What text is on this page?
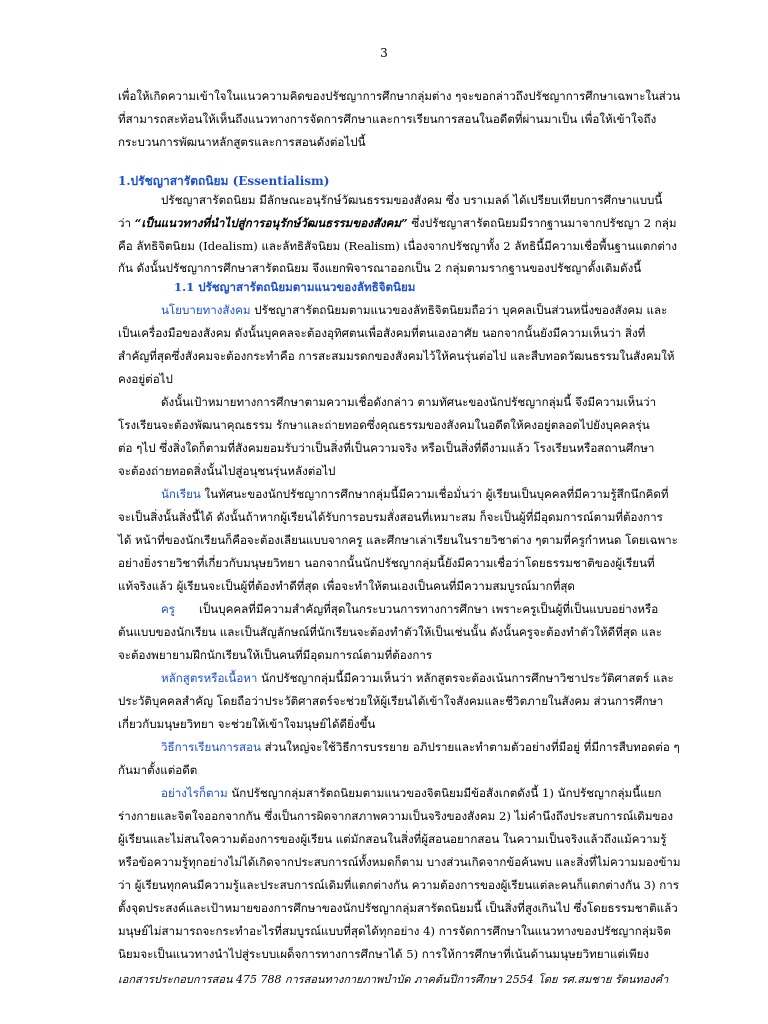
3
เพื่อให้เกิดความเข้าใจในแนวความคิดของปรัชญาการศึกษากลุ่มต่าง ๆจะขอกล่าวถึงปรัชญาการศึกษาเฉพาะในส่วน
ที่สามารถสะท้อนให้เห็นถึงแนวทางการจัดการศึกษาและการเรียนการสอนในอดีตที่ผ่านมาเป็น เพื่อให้เข้าใจถึง
กระบวนการพัฒนาหลักสูตรและการสอนดังต่อไปนี้
1.ปรัชญาสารัตถนิยม (Essentialism)
ปรัชญาสารัตถนิยม มีลักษณะอนุรักษ์วัฒนธรรมของสังคม ซึ่ง บราเมลด์ ได้เปรียบเทียบการศึกษาแบบนี้
ว่า “เป็นแนวทางที่นำไปสู่การอนุรักษ์วัฒนธรรมของสังคม” ซึ่งปรัชญาสารัตถนิยมมีรากฐานมาจากปรัชญา 2 กลุ่ม
คือ ลัทธิจิตนิยม (Idealism) และลัทธิสัจนิยม (Realism) เนื่องจากปรัชญาทั้ง 2 ลัทธินี้มีความเชื่อพื้นฐานแตกต่าง
กัน ดังนั้นปรัชญาการศึกษาสารัตถนิยม จึงแยกพิจารณาออกเป็น 2 กลุ่มตามรากฐานของปรัชญาดั้งเดิมดังนี้
1.1 ปรัชญาสารัตถนิยมตามแนวของลัทธิจิตนิยม
นโยบายทางสังคม ปรัชญาสารัตถนิยมตามแนวของลัทธิจิตนิยมถือว่า บุคคลเป็นส่วนหนึ่งของสังคม และ
เป็นเครื่องมือของสังคม ดังนั้นบุคคลจะต้องอุทิศตนเพื่อสังคมที่ตนเองอาศัย นอกจากนั้นยังมีความเห็นว่า สิ่งที่
สำคัญที่สุดซึ่งสังคมจะต้องกระทำคือ การสะสมมรดกของสังคมไว้ให้คนรุ่นต่อไป และสืบทอดวัฒนธรรมในสังคมให้
คงอยู่ต่อไป
ดังนั้นเป้าหมายทางการศึกษาตามความเชื่อดังกล่าว ตามทัศนะของนักปรัชญากลุ่มนี้ จึงมีความเห็นว่า
โรงเรียนจะต้องพัฒนาคุณธรรม รักษาและถ่ายทอดซึ่งคุณธรรมของสังคมในอดีตให้คงอยู่ตลอดไปยังบุคคลรุ่น
ต่อ ๆไป ซึ่งสิ่งใดก็ตามที่สังคมยอมรับว่าเป็นสิ่งที่เป็นความจริง หรือเป็นสิ่งที่ดีงามแล้ว โรงเรียนหรือสถานศึกษา
จะต้องถ่ายทอดสิ่งนั้นไปสู่อนุชนรุ่นหลังต่อไป
นักเรียน ในทัศนะของนักปรัชญาการศึกษากลุ่มนี้มีความเชื่อมั่นว่า ผู้เรียนเป็นบุคคลที่มีความรู้สึกนึกคิดที่
จะเป็นสิ่งนั้นสิ่งนี้ได้ ดังนั้นถ้าหากผู้เรียนได้รับการอบรมสั่งสอนที่เหมาะสม ก็จะเป็นผู้ที่มีอุดมการณ์ตามที่ต้องการ
ได้ หน้าที่ของนักเรียนก็คือจะต้องเลียนแบบจากครู และศึกษาเล่าเรียนในรายวิชาต่าง ๆตามที่ครูกำหนด โดยเฉพาะ
อย่างยิ่งรายวิชาที่เกี่ยวกับมนุษยวิทยา นอกจากนั้นนักปรัชญากลุ่มนี้ยังมีความเชื่อว่าโดยธรรมชาติของผู้เรียนที่
แท้จริงแล้ว ผู้เรียนจะเป็นผู้ที่ต้องทำดีที่สุด เพื่อจะทำให้ตนเองเป็นคนที่มีความสมบูรณ์มากที่สุด
ครู เป็นบุคคลที่มีความสำคัญที่สุดในกระบวนการทางการศึกษา เพราะครูเป็นผู้ที่เป็นแบบอย่างหรือ
ต้นแบบของนักเรียน และเป็นสัญลักษณ์ที่นักเรียนจะต้องทำตัวให้เป็นเช่นนั้น ดังนั้นครูจะต้องทำตัวให้ดีที่สุด และ
จะต้องพยายามฝึกนักเรียนให้เป็นคนที่มีอุดมการณ์ตามที่ต้องการ
หลักสูตรหรือเนื้อหา นักปรัชญากลุ่มนี้มีความเห็นว่า หลักสูตรจะต้องเน้นการศึกษาวิชาประวัติศาสตร์ และ
ประวัติบุคคลสำคัญ โดยถือว่าประวัติศาสตร์จะช่วยให้ผู้เรียนได้เข้าใจสังคมและชีวิตภายในสังคม ส่วนการศึกษา
เกี่ยวกับมนุษยวิทยา จะช่วยให้เข้าใจมนุษย์ได้ดียิ่งขึ้น
วิธีการเรียนการสอน ส่วนใหญ่จะใช้วิธีการบรรยาย อภิปรายและทำตามตัวอย่างที่มีอยู่ ที่มีการสืบทอดต่อ ๆ
กันมาตั้งแต่อดีต
อย่างไรก็ตาม นักปรัชญากลุ่มสารัตถนิยมตามแนวของจิตนิยมมีข้อสังเกตดังนี้ 1) นักปรัชญากลุ่มนี้แยก
ร่างกายและจิตใจออกจากกัน ซึ่งเป็นการผิดจากสภาพความเป็นจริงของสังคม 2) ไม่คำนึงถึงประสบการณ์เดิมของ
ผู้เรียนและไม่สนใจความต้องการของผู้เรียน แต่มักสอนในสิ่งที่ผู้สอนอยากสอน ในความเป็นจริงแล้วถึงแม้ความรู้
หรือข้อความรู้ทุกอย่างไม่ได้เกิดจากประสบการณ์ทั้งหมดก็ตาม บางส่วนเกิดจากข้อค้นพบ และสิ่งที่ไม่ความมองข้าม
ว่า ผู้เรียนทุกคนมีความรู้และประสบการณ์เดิมที่แตกต่างกัน ความต้องการของผู้เรียนแต่ละคนก็แตกต่างกัน 3) การ
ตั้งจุดประสงค์และเป้าหมายของการศึกษาของนักปรัชญากลุ่มสารัตถนิยมนี้ เป็นสิ่งที่สูงเกินไป ซึ่งโดยธรรมชาติแล้ว
มนุษย์ไม่สามารถจะกระทำอะไรที่สมบูรณ์แบบที่สุดได้ทุกอย่าง 4) การจัดการศึกษาในแนวทางของปรัชญากลุ่มจิต
นิยมจะเป็นแนวทางนำไปสู่ระบบเผด็จการทางการศึกษาได้ 5) การให้การศึกษาที่เน้นด้านมนุษยวิทยาแต่เพียง
เอกสารประกอบการสอน 475 788 การสอนทางกายภาพบำบัด ภาคต้นปีการศึกษา 2554 โดย รศ.สมชาย รัตนทองคำ
